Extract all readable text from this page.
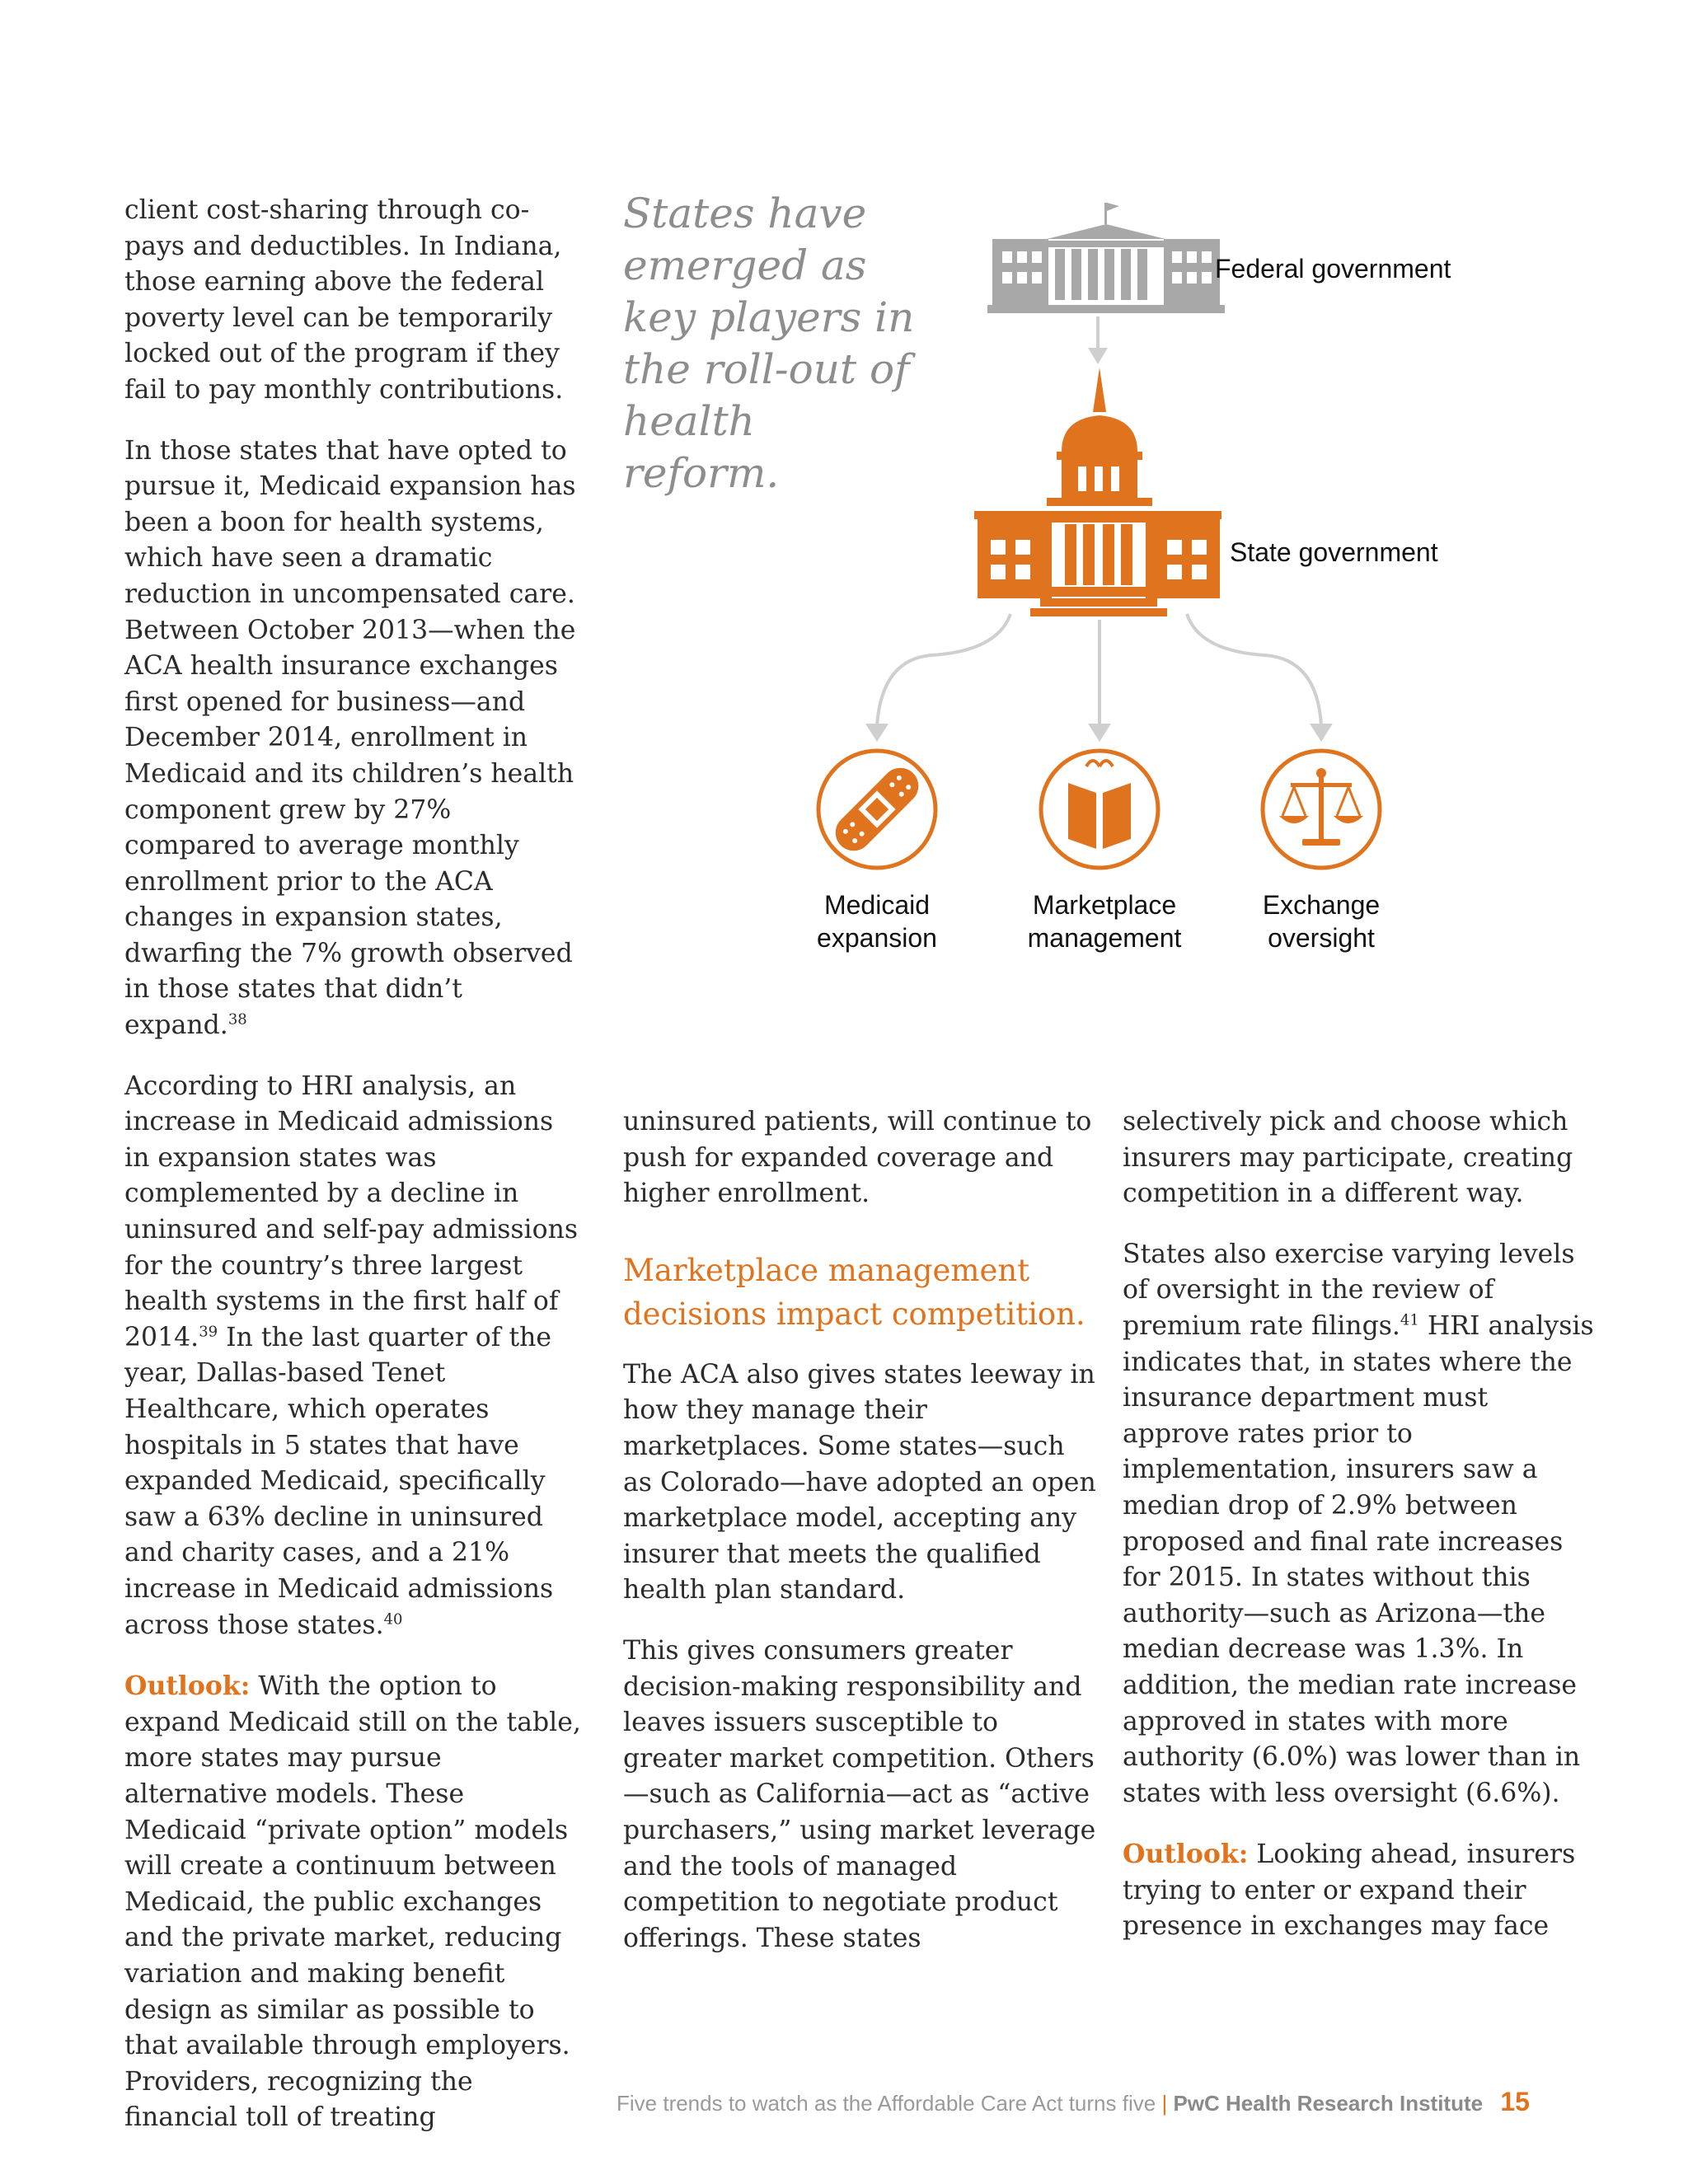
client cost-sharing through co-pays and deductibles. In Indiana, those earning above the federal poverty level can be temporarily locked out of the program if they fail to pay monthly contributions.

In those states that have opted to pursue it, Medicaid expansion has been a boon for health systems, which have seen a dramatic reduction in uncompensated care. Between October 2013—when the ACA health insurance exchanges first opened for business—and December 2014, enrollment in Medicaid and its children’s health component grew by 27% compared to average monthly enrollment prior to the ACA changes in expansion states, dwarfing the 7% growth observed in those states that didn’t expand.$^{38}$

According to HRI analysis, an increase in Medicaid admissions in expansion states was complemented by a decline in uninsured and self-pay admissions for the country’s three largest health systems in the first half of 2014.39 In the last quarter of the year, Dallas-based Tenet Healthcare, which operates hospitals in 5 states that have expanded Medicaid, specifically saw a 63% decline in uninsured and charity cases, and a 21% increase in Medicaid admissions across those states.$^{40}$

Outlook: With the option to expand Medicaid still on the table, more states may pursue alternative models. These Medicaid “private option” models will create a continuum between Medicaid, the public exchanges and the private market, reducing variation and making benefit design as similar as possible to that available through employers. Providers, recognizing the financial toll of treating

States have emerged as key players in the roll-out of health reform.
Federal government
State government
Medicaid
expansion
Marketplace
management
Exchange
oversight

uninsured patients, will continue to push for expanded coverage and higher enrollment.

Marketplace management decisions impact competition.

The ACA also gives states leeway in how they manage their marketplaces. Some states—such as Colorado—have adopted an open marketplace model, accepting any insurer that meets the qualified health plan standard.

This gives consumers greater decision-making responsibility and leaves issuers susceptible to greater market competition. Others—such as California—act as “active purchasers,” using market leverage and the tools of managed competition to negotiate product offerings. These states

selectively pick and choose which insurers may participate, creating competition in a different way.

States also exercise varying levels of oversight in the review of premium rate filings.$^{41}$ HRI analysis indicates that, in states where the insurance department must approve rates prior to implementation, insurers saw a median drop of 2.9% between proposed and final rate increases for 2015. In states without this authority—such as Arizona—the median decrease was 1.3%. In addition, the median rate increase approved in states with more authority (6.0%) was lower than in states with less oversight (6.6%).

Outlook: Looking ahead, insurers trying to enter or expand their presence in exchanges may face

Five trends to watch as the Affordable Care Act turns five | PwC Health Research Institute 15
